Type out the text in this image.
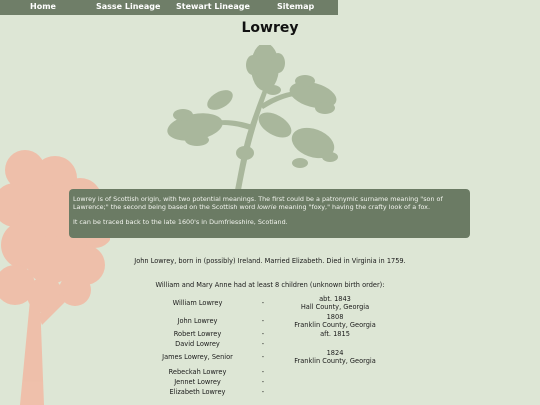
Home	Sasse Lineage Stewart Lineage	Sitemap
Lowrey

Lowrey is of Scottish origin, with two potential meanings. The first could be a patronymic surname meaning "son of Lawrence;" the second being based on the Scottish word lowrie meaning "foxy," having the crafty look of a fox.

It can be traced back to the late 1600's in Dumfriesshire, Scotland.

John Lowrey, born in (possibly) Ireland. Married Elizabeth. Died in Virginia in 1759.
William and Mary Anne had at least 8 children (unknown birth order):
William Lowrey	-	abt. 1843
Hall County, Georgia
John Lowrey	-	1808
Franklin County, Georgia
Robert Lowrey	-	aft. 1815
David Lowrey	-
James Lowrey, Senior	-	1824
Franklin County, Georgia
Rebeckah Lowrey	-
Jennet Lowrey	-
Elizabeth Lowrey	-
